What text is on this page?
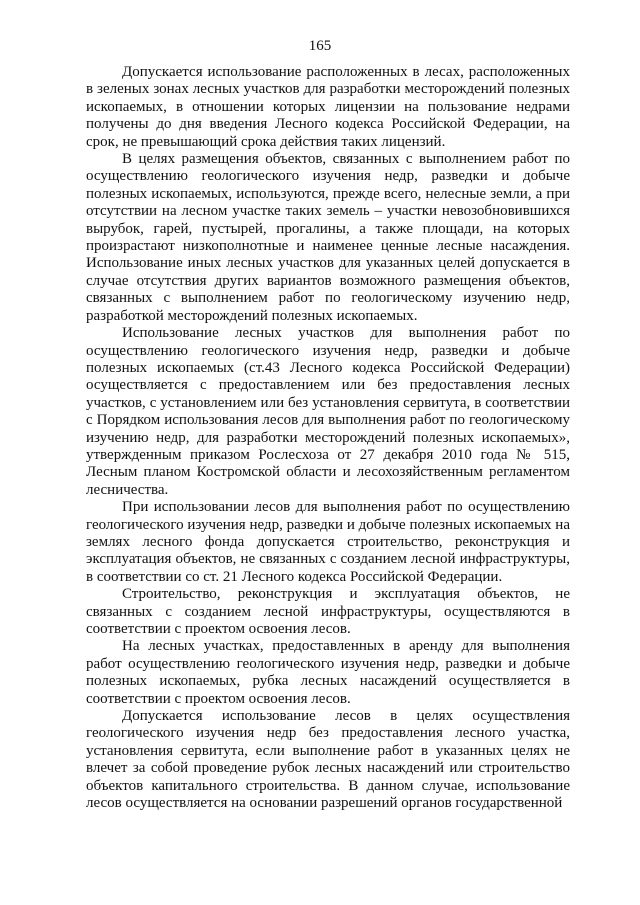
165

Допускается использование расположенных в лесах, расположенных в зеленых зонах лесных участков для разработки месторождений полезных ископаемых, в отношении которых лицензии на пользование недрами получены до дня введения Лесного кодекса Российской Федерации, на срок, не превышающий срока действия таких лицензий.

В целях размещения объектов, связанных с выполнением работ по осуществлению геологического изучения недр, разведки и добыче полезных ископаемых, используются, прежде всего, нелесные земли, а при отсутствии на лесном участке таких земель – участки невозобновившихся вырубок, гарей, пустырей, прогалины, а также площади, на которых произрастают низкополнотные и наименее ценные лесные насаждения. Использование иных лесных участков для указанных целей допускается в случае отсутствия других вариантов возможного размещения объектов, связанных с выполнением работ по геологическому изучению недр, разработкой месторождений полезных ископаемых.

Использование лесных участков для выполнения работ по осуществлению геологического изучения недр, разведки и добыче полезных ископаемых (ст.43 Лесного кодекса Российской Федерации) осуществляется с предоставлением или без предоставления лесных участков, с установлением или без установления сервитута, в соответствии с Порядком использования лесов для выполнения работ по геологическому изучению недр, для разработки месторождений полезных ископаемых», утвержденным приказом Рослесхоза от 27 декабря 2010 года № 515, Лесным планом Костромской области и лесохозяйственным регламентом лесничества.

При использовании лесов для выполнения работ по осуществлению геологического изучения недр, разведки и добыче полезных ископаемых на землях лесного фонда допускается строительство, реконструкция и эксплуатация объектов, не связанных с созданием лесной инфраструктуры, в соответствии со ст. 21 Лесного кодекса Российской Федерации.

Строительство, реконструкция и эксплуатация объектов, не связанных с созданием лесной инфраструктуры, осуществляются в соответствии с проектом освоения лесов.

На лесных участках, предоставленных в аренду для выполнения работ осуществлению геологического изучения недр, разведки и добыче полезных ископаемых, рубка лесных насаждений осуществляется в соответствии с проектом освоения лесов.

Допускается использование лесов в целях осуществления геологического изучения недр без предоставления лесного участка, установления сервитута, если выполнение работ в указанных целях не влечет за собой проведение рубок лесных насаждений или строительство объектов капитального строительства. В данном случае, использование лесов осуществляется на основании разрешений органов государственной
